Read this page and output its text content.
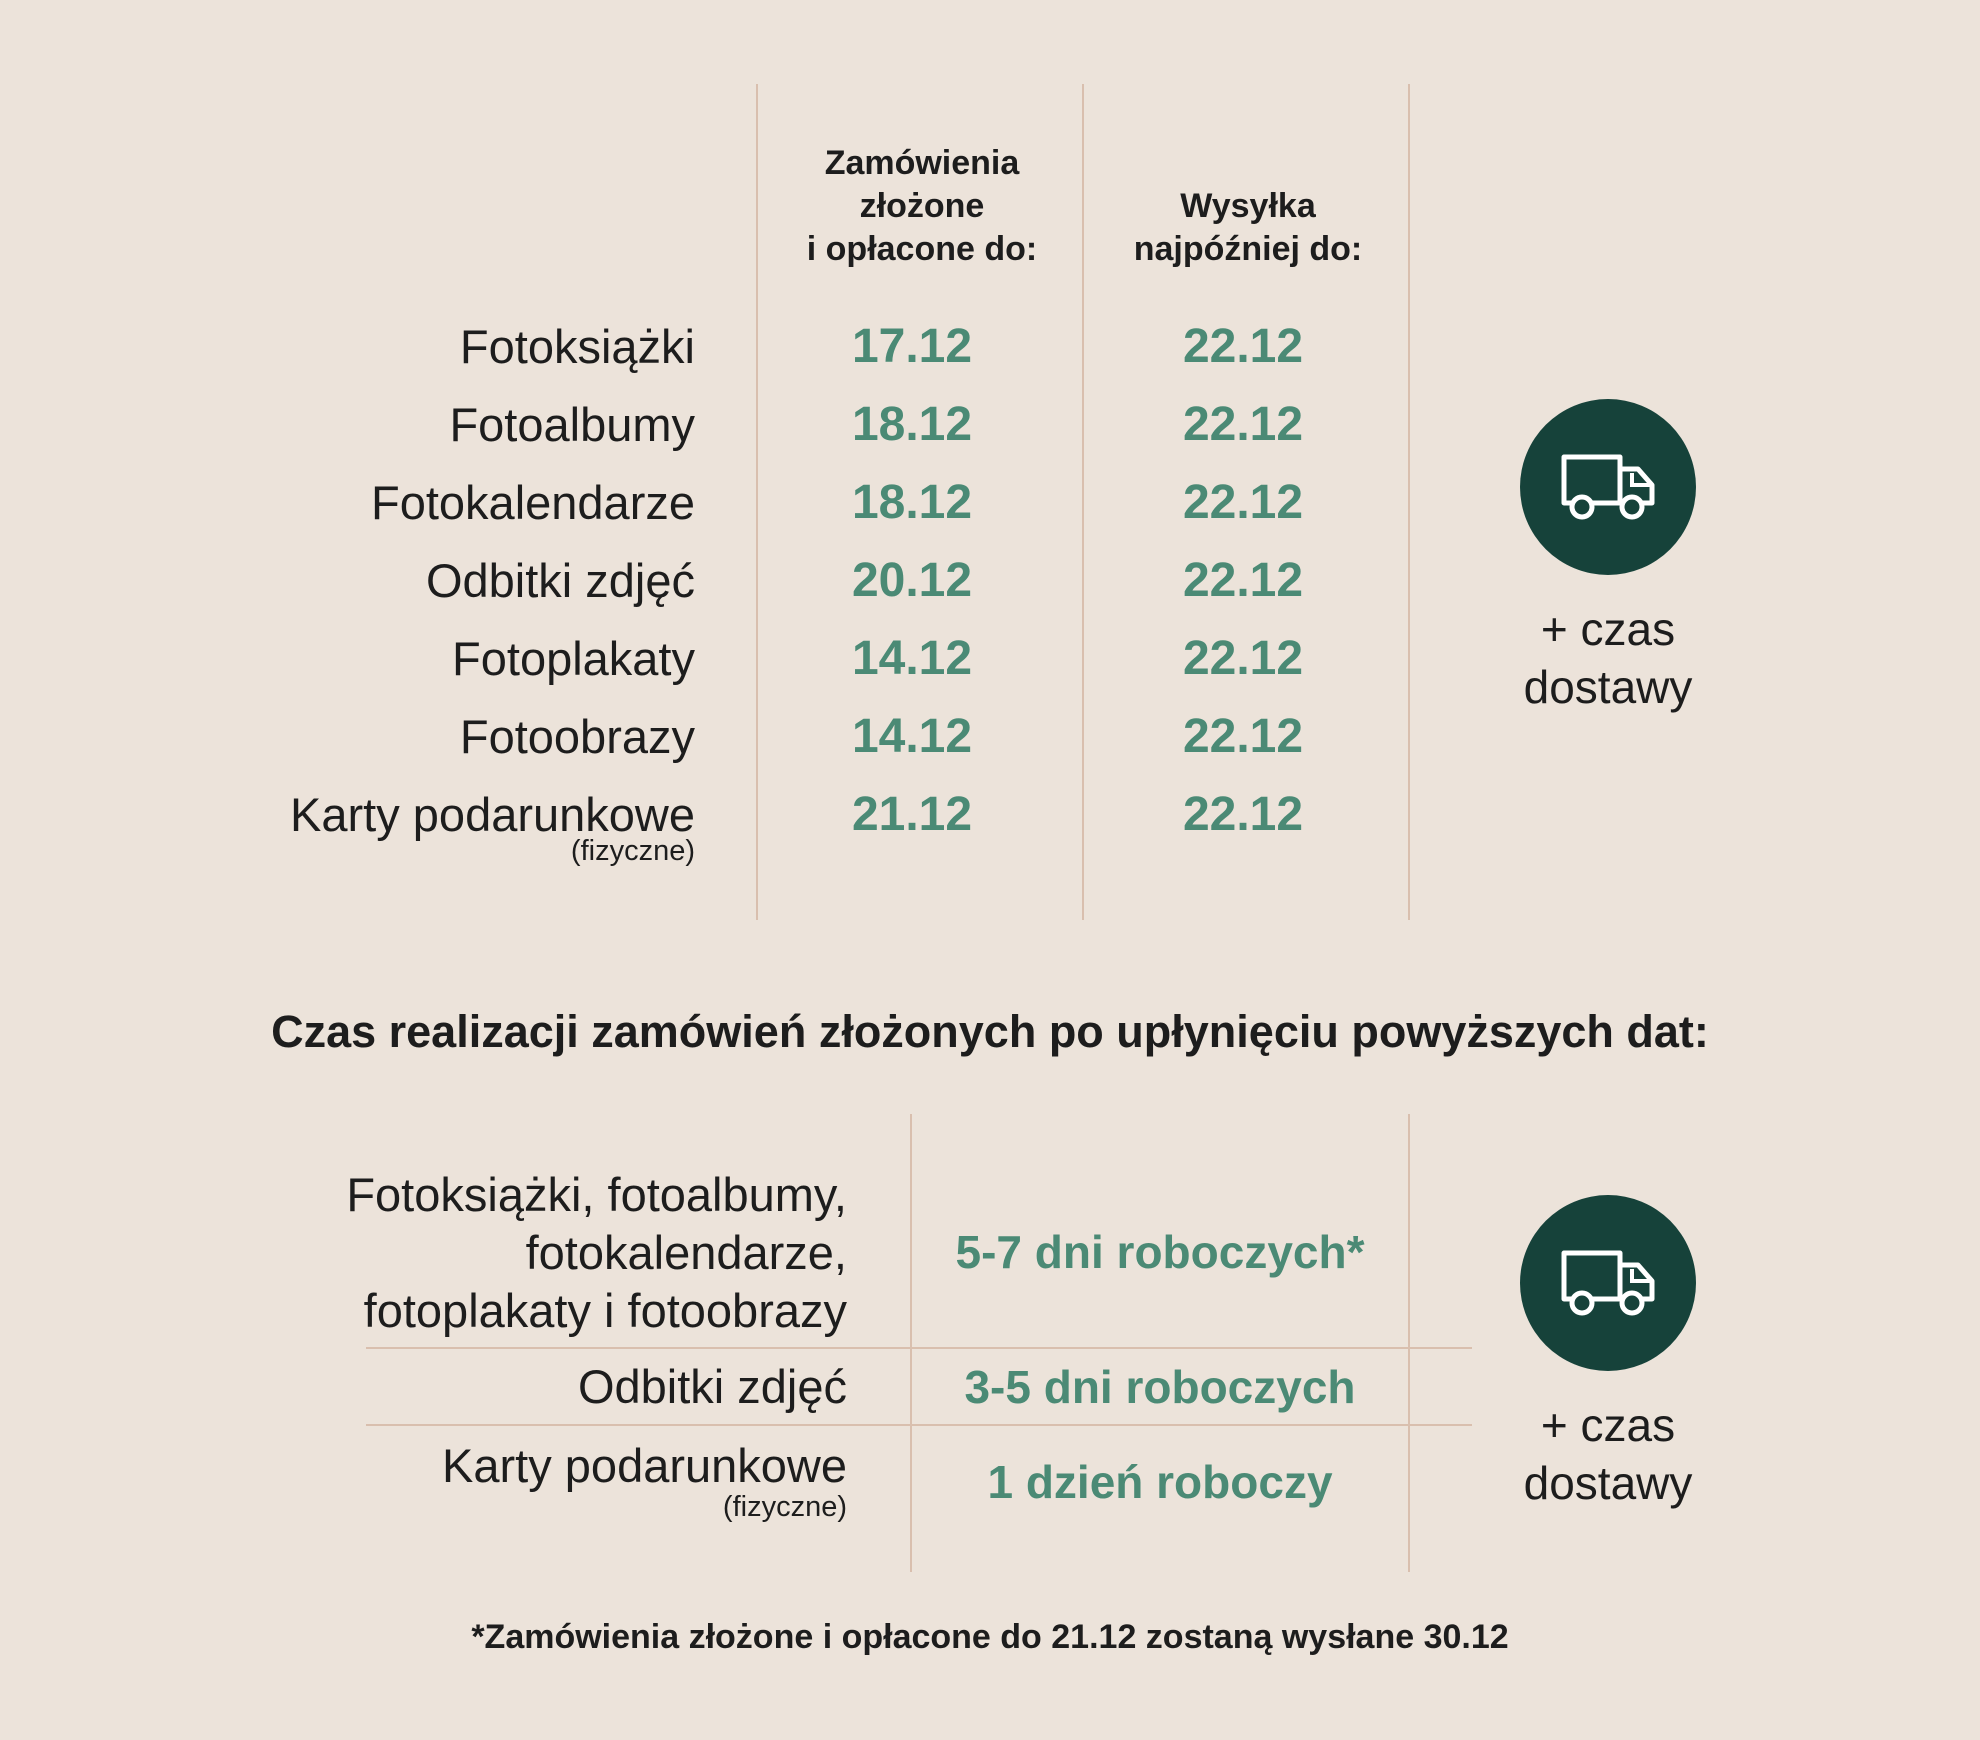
Zamówienia
złożone
i opłacone do:
Wysyłka
najpóźniej do:
Fotoksiążki	17.12	22.12
Fotoalbumy	18.12	22.12
Fotokalendarze	18.12	22.12
Odbitki zdjęć	20.12	22.12
Fotoplakaty	14.12	22.12
Fotoobrazy	14.12	22.12
Karty podarunkowe
(fizyczne)
21.12	22.12
+ czas
dostawy
Czas realizacji zamówień złożonych po upłynięciu powyższych dat:
Fotoksiążki, fotoalbumy,
fotokalendarze,
fotoplakaty i fotoobrazy
5-7 dni roboczych*
Odbitki zdjęć	3-5 dni roboczych
Karty podarunkowe
(fizyczne)	1 dzień roboczy
+ czas
dostawy
*Zamówienia złożone i opłacone do 21.12 zostaną wysłane 30.12
